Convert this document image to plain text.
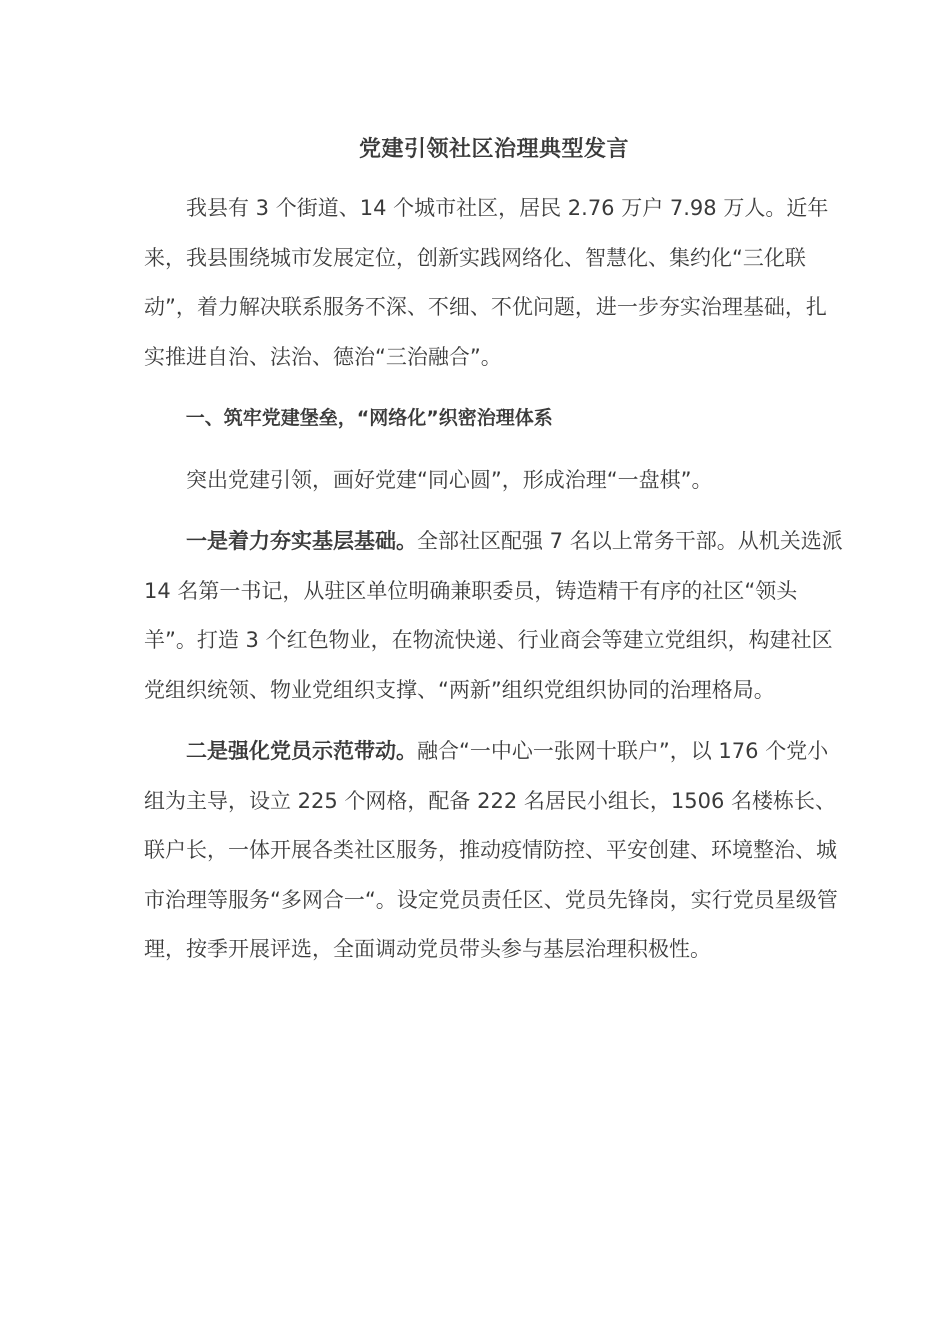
党建引领社区治理典型发言

我县有 3 个街道、14 个城市社区，居民 2.76 万户 7.98 万人。近年来，我县围绕城市发展定位，创新实践网络化、智慧化、集约化“三化联动”，着力解决联系服务不深、不细、不优问题，进一步夯实治理基础，扎实推进自治、法治、德治“三治融合”。

一、筑牢党建堡垒，“网络化”织密治理体系

突出党建引领，画好党建“同心圆”，形成治理“一盘棋”。

一是着力夯实基层基础。全部社区配强 7 名以上常务干部。从机关选派 14 名第一书记，从驻区单位明确兼职委员，铸造精干有序的社区“领头羊”。打造 3 个红色物业，在物流快递、行业商会等建立党组织，构建社区党组织统领、物业党组织支撑、“两新”组织党组织协同的治理格局。

二是强化党员示范带动。融合“一中心一张网十联户”，以 176 个党小组为主导，设立 225 个网格，配备 222 名居民小组长，1506 名楼栋长、联户长，一体开展各类社区服务，推动疫情防控、平安创建、环境整治、城市治理等服务“多网合一“。设定党员责任区、党员先锋岗，实行党员星级管理，按季开展评选，全面调动党员带头参与基层治理积极性。
